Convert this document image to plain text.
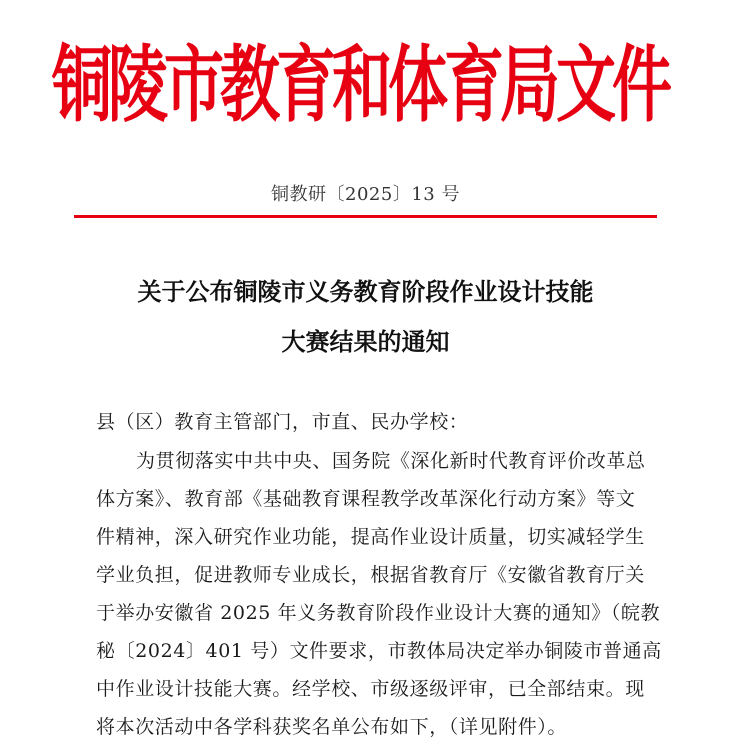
铜陵市教育和体育局文件
铜教研〔2025〕13 号
关于公布铜陵市义务教育阶段作业设计技能
大赛结果的通知
县（区）教育主管部门，市直、民办学校：
为贯彻落实中共中央、国务院《深化新时代教育评价改革总
体方案》、教育部《基础教育课程教学改革深化行动方案》等文
件精神，深入研究作业功能，提高作业设计质量，切实减轻学生
学业负担，促进教师专业成长，根据省教育厅《安徽省教育厅关
于举办安徽省 2025 年义务教育阶段作业设计大赛的通知》（皖教
秘〔2024〕401 号）文件要求，市教体局决定举办铜陵市普通高
中作业设计技能大赛。经学校、市级逐级评审，已全部结束。现
将本次活动中各学科获奖名单公布如下，（详见附件）。
